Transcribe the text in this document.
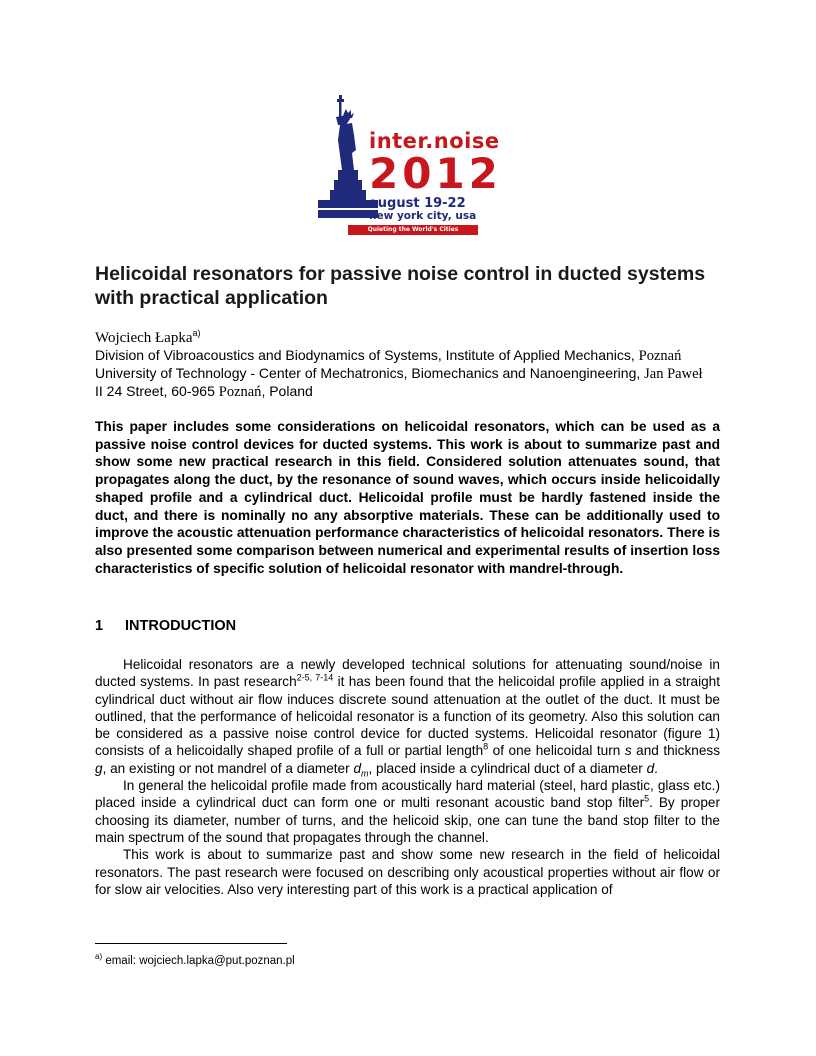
inter.noise
2012
august 19-22
new york city, usa
Quieting the World's Cities
Helicoidal resonators for passive noise control in ducted systems with practical application
Wojciech Łapka$^{a)}$
Division of Vibroacoustics and Biodynamics of Systems, Institute of Applied Mechanics, Poznań
University of Technology - Center of Mechatronics, Biomechanics and Nanoengineering, Jan Paweł
II 24 Street, 60-965 Poznań, Poland

This paper includes some considerations on helicoidal resonators, which can be used as a passive noise control devices for ducted systems. This work is about to summarize past and show some new practical research in this field. Considered solution attenuates sound, that propagates along the duct, by the resonance of sound waves, which occurs inside helicoidally shaped profile and a cylindrical duct. Helicoidal profile must be hardly fastened inside the duct, and there is nominally no any absorptive materials. These can be additionally used to improve the acoustic attenuation performance characteristics of helicoidal resonators. There is also presented some comparison between numerical and experimental results of insertion loss characteristics of specific solution of helicoidal resonator with mandrel-through.

1 INTRODUCTION

Helicoidal resonators are a newly developed technical solutions for attenuating sound/noise in ducted systems. In past research$^{2-5, 7-14}$ it has been found that the helicoidal profile applied in a straight cylindrical duct without air flow induces discrete sound attenuation at the outlet of the duct. It must be outlined, that the performance of helicoidal resonator is a function of its geometry. Also this solution can be considered as a passive noise control device for ducted systems. Helicoidal resonator (figure 1) consists of a helicoidally shaped profile of a full or partial length$^8$ of one helicoidal turn s and thickness g, an existing or not mandrel of a diameter $d_m$, placed inside a cylindrical duct of a diameter d.

In general the helicoidal profile made from acoustically hard material (steel, hard plastic, glass etc.) placed inside a cylindrical duct can form one or multi resonant acoustic band stop filter$^5$. By proper choosing its diameter, number of turns, and the helicoid skip, one can tune the band stop filter to the main spectrum of the sound that propagates through the channel.

This work is about to summarize past and show some new research in the field of helicoidal resonators. The past research were focused on describing only acoustical properties without air flow or for slow air velocities. Also very interesting part of this work is a practical application of

$^{a)}$ email: wojciech.lapka@put.poznan.pl
